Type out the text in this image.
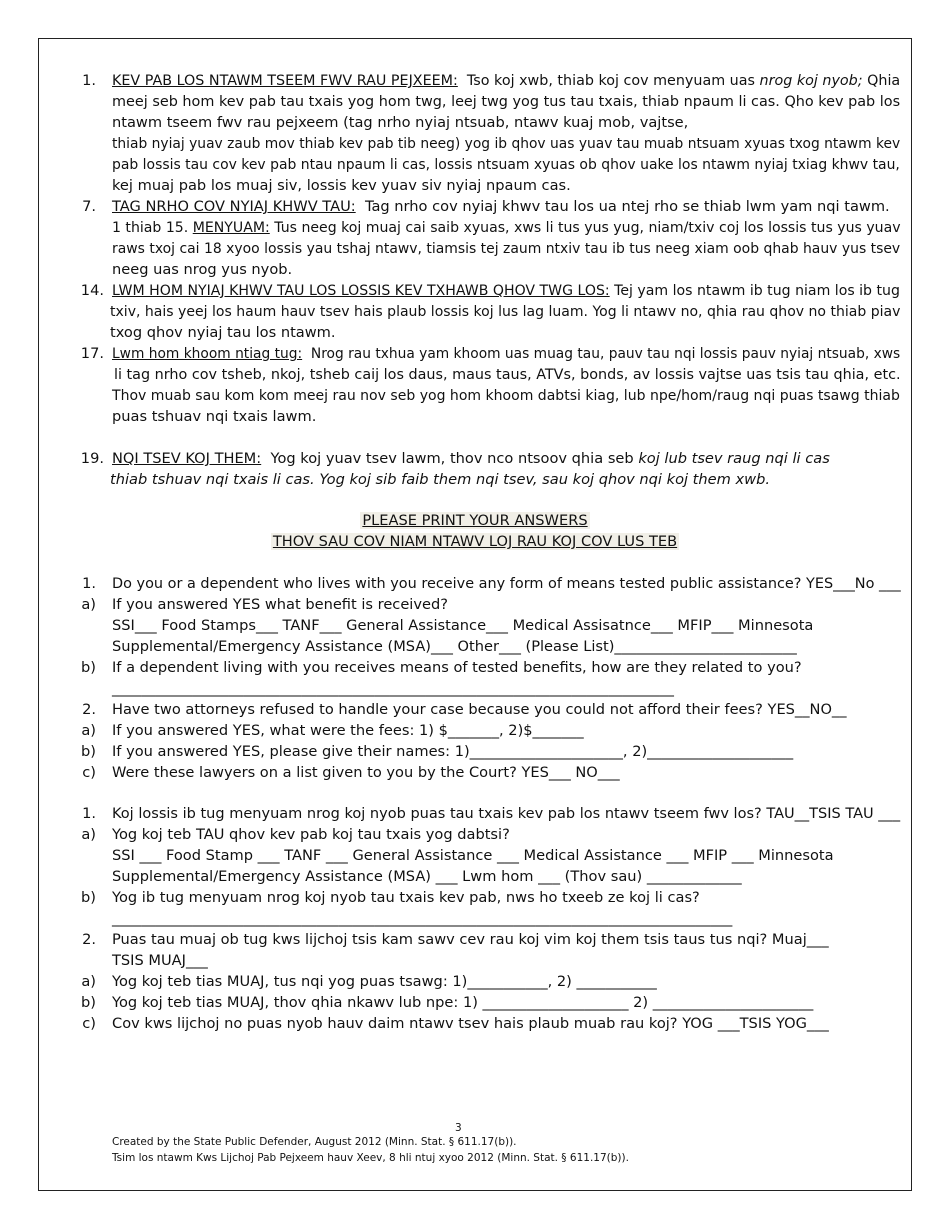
1. KEV PAB LOS NTAWM TSEEM FWV RAU PEJXEEM: Tso koj xwb, thiab koj cov menyuam uas nrog koj nyob; Qhia
meej seb hom kev pab tau txais yog hom twg, leej twg yog tus tau txais, thiab npaum li cas. Qho kev pab los
ntawm tseem fwv rau pejxeem (tag nrho nyiaj ntsuab, ntawv kuaj mob, vajtse,
thiab nyiaj yuav zaub mov thiab kev pab tib neeg) yog ib qhov uas yuav tau muab ntsuam xyuas txog ntawm kev
pab lossis tau cov kev pab ntau npaum li cas, lossis ntsuam xyuas ob qhov uake los ntawm nyiaj txiag khwv tau,
kej muaj pab los muaj siv, lossis kev yuav siv nyiaj npaum cas.
7. TAG NRHO COV NYIAJ KHWV TAU: Tag nrho cov nyiaj khwv tau los ua ntej rho se thiab lwm yam nqi tawm.
1 thiab 15. MENYUAM: Tus neeg koj muaj cai saib xyuas, xws li tus yus yug, niam/txiv coj los lossis tus yus yuav
raws txoj cai 18 xyoo lossis yau tshaj ntawv, tiamsis tej zaum ntxiv tau ib tus neeg xiam oob qhab hauv yus tsev
neeg uas nrog yus nyob.
14. LWM HOM NYIAJ KHWV TAU LOS LOSSIS KEV TXHAWB QHOV TWG LOS: Tej yam los ntawm ib tug niam los ib tug
txiv, hais yeej los haum hauv tsev hais plaub lossis koj lus lag luam. Yog li ntawv no, qhia rau qhov no thiab piav
txog qhov nyiaj tau los ntawm.
17. Lwm hom khoom ntiag tug: Nrog rau txhua yam khoom uas muag tau, pauv tau nqi lossis pauv nyiaj ntsuab, xws
li tag nrho cov tsheb, nkoj, tsheb caij los daus, maus taus, ATVs, bonds, av lossis vajtse uas tsis tau qhia, etc.
Thov muab sau kom kom meej rau nov seb yog hom khoom dabtsi kiag, lub npe/hom/raug nqi puas tsawg thiab
puas tshuav nqi txais lawm.
19. NQI TSEV KOJ THEM: Yog koj yuav tsev lawm, thov nco ntsoov qhia seb koj lub tsev raug nqi li cas
thiab tshuav nqi txais li cas. Yog koj sib faib them nqi tsev, sau koj qhov nqi koj them xwb.
PLEASE PRINT YOUR ANSWERS
THOV SAU COV NIAM NTAWV LOJ RAU KOJ COV LUS TEB
1. Do you or a dependent who lives with you receive any form of means tested public assistance? YES___No ___
a) If you answered YES what benefit is received?
SSI___ Food Stamps___ TANF___ General Assistance___ Medical Assisatnce___ MFIP___ Minnesota
Supplemental/Emergency Assistance (MSA)___ Other___ (Please List)_________________________
b) If a dependent living with you receives means of tested benefits, how are they related to you?
_____________________________________________________________________________
2. Have two attorneys refused to handle your case because you could not afford their fees? YES__NO__
a) If you answered YES, what were the fees: 1) $_______, 2)$_______
b) If you answered YES, please give their names: 1)_____________________, 2)____________________
c) Were these lawyers on a list given to you by the Court? YES___ NO___
1. Koj lossis ib tug menyuam nrog koj nyob puas tau txais kev pab los ntawv tseem fwv los? TAU__TSIS TAU ___
a) Yog koj teb TAU qhov kev pab koj tau txais yog dabtsi?
SSI ___ Food Stamp ___ TANF ___ General Assistance ___ Medical Assistance ___ MFIP ___ Minnesota
Supplemental/Emergency Assistance (MSA) ___ Lwm hom ___ (Thov sau) _____________
b) Yog ib tug menyuam nrog koj nyob tau txais kev pab, nws ho txeeb ze koj li cas?
_____________________________________________________________________________________
2. Puas tau muaj ob tug kws lijchoj tsis kam sawv cev rau koj vim koj them tsis taus tus nqi? Muaj___
TSIS MUAJ___
a) Yog koj teb tias MUAJ, tus nqi yog puas tsawg: 1)___________, 2) ___________
b) Yog koj teb tias MUAJ, thov qhia nkawv lub npe: 1) ____________________ 2) ______________________
c) Cov kws lijchoj no puas nyob hauv daim ntawv tsev hais plaub muab rau koj? YOG ___TSIS YOG___
3
Created by the State Public Defender, August 2012 (Minn. Stat. § 611.17(b)).
Tsim los ntawm Kws Lijchoj Pab Pejxeem hauv Xeev, 8 hli ntuj xyoo 2012 (Minn. Stat. § 611.17(b)).
